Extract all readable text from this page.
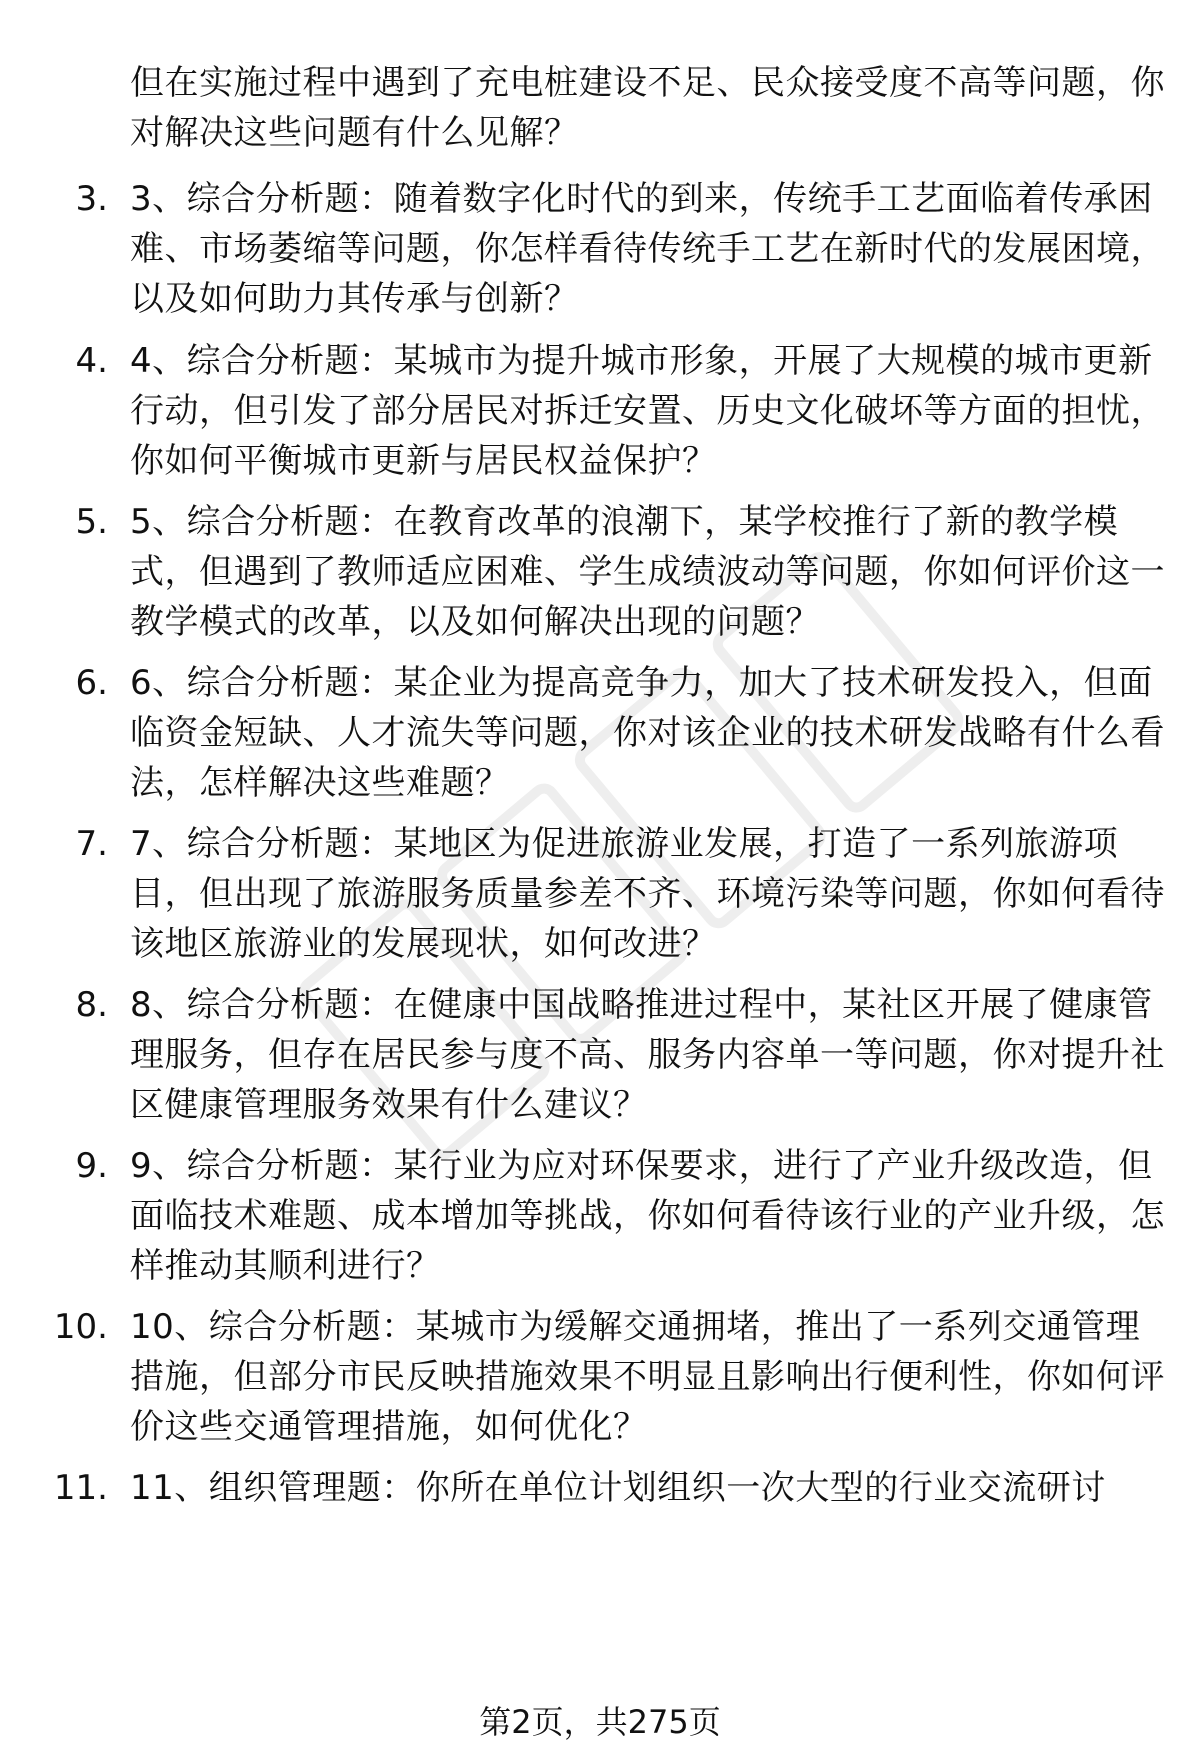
但在实施过程中遇到了充电桩建设不足、民众接受度不高等问题，你对解决这些问题有什么见解？
3. 3、综合分析题：随着数字化时代的到来，传统手工艺面临着传承困难、市场萎缩等问题，你怎样看待传统手工艺在新时代的发展困境，以及如何助力其传承与创新？
4. 4、综合分析题：某城市为提升城市形象，开展了大规模的城市更新行动，但引发了部分居民对拆迁安置、历史文化破坏等方面的担忧，你如何平衡城市更新与居民权益保护？
5. 5、综合分析题：在教育改革的浪潮下，某学校推行了新的教学模式，但遇到了教师适应困难、学生成绩波动等问题，你如何评价这一教学模式的改革，以及如何解决出现的问题？
6. 6、综合分析题：某企业为提高竞争力，加大了技术研发投入，但面临资金短缺、人才流失等问题，你对该企业的技术研发战略有什么看法，怎样解决这些难题？
7. 7、综合分析题：某地区为促进旅游业发展，打造了一系列旅游项目，但出现了旅游服务质量参差不齐、环境污染等问题，你如何看待该地区旅游业的发展现状，如何改进？
8. 8、综合分析题：在健康中国战略推进过程中，某社区开展了健康管理服务，但存在居民参与度不高、服务内容单一等问题，你对提升社区健康管理服务效果有什么建议？
9. 9、综合分析题：某行业为应对环保要求，进行了产业升级改造，但面临技术难题、成本增加等挑战，你如何看待该行业的产业升级，怎样推动其顺利进行？
10. 10、综合分析题：某城市为缓解交通拥堵，推出了一系列交通管理措施，但部分市民反映措施效果不明显且影响出行便利性，你如何评价这些交通管理措施，如何优化？
11. 11、组织管理题：你所在单位计划组织一次大型的行业交流研讨
第2页，共275页
